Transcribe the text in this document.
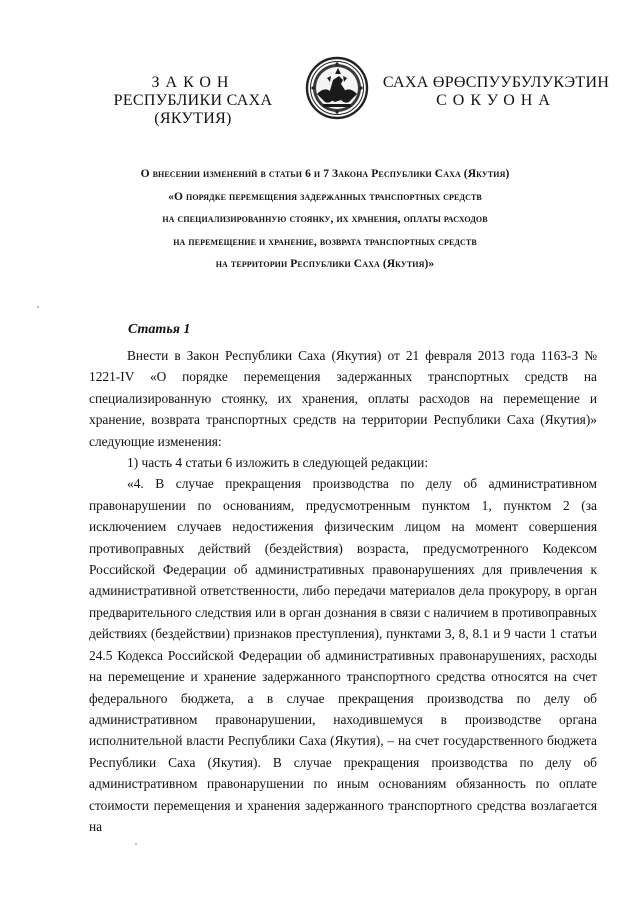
ЗАКОН
РЕСПУБЛИКИ САХА (ЯКУТИЯ)
САХА ӨРӨСПУУБУЛУКЭТИН
СОКУОНА
О внесении изменений в статьи 6 и 7 Закона Республики Саха (Якутия)
«О порядке перемещения задержанных транспортных средств
на специализированную стоянку, их хранения, оплаты расходов
на перемещение и хранение, возврата транспортных средств
на территории Республики Саха (Якутия)»
Статья 1

Внести в Закон Республики Саха (Якутия) от 21 февраля 2013 года 1163-З № 1221-IV «О порядке перемещения задержанных транспортных средств на специализированную стоянку, их хранения, оплаты расходов на перемещение и хранение, возврата транспортных средств на территории Республики Саха (Якутия)» следующие изменения:

1) часть 4 статьи 6 изложить в следующей редакции:

«4. В случае прекращения производства по делу об административном правонарушении по основаниям, предусмотренным пунктом 1, пунктом 2 (за исключением случаев недостижения физическим лицом на момент совершения противоправных действий (бездействия) возраста, предусмотренного Кодексом Российской Федерации об административных правонарушениях для привлечения к административной ответственности, либо передачи материалов дела прокурору, в орган предварительного следствия или в орган дознания в связи с наличием в противоправных действиях (бездействии) признаков преступления), пунктами 3, 8, 8.1 и 9 части 1 статьи 24.5 Кодекса Российской Федерации об административных правонарушениях, расходы на перемещение и хранение задержанного транспортного средства относятся на счет федерального бюджета, а в случае прекращения производства по делу об административном правонарушении, находившемуся в производстве органа исполнительной власти Республики Саха (Якутия), – на счет государственного бюджета Республики Саха (Якутия). В случае прекращения производства по делу об административном правонарушении по иным основаниям обязанность по оплате стоимости перемещения и хранения задержанного транспортного средства возлагается на
